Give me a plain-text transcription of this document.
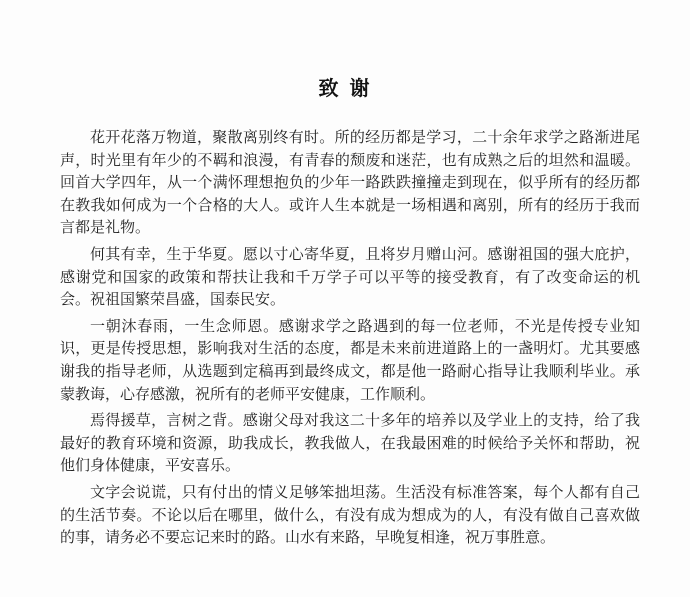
致 谢

花开花落万物道，聚散离别终有时。所的经历都是学习，二十余年求学之路渐进尾声，时光里有年少的不羁和浪漫，有青春的颓废和迷茫，也有成熟之后的坦然和温暖。回首大学四年，从一个满怀理想抱负的少年一路跌跌撞撞走到现在，似乎所有的经历都在教我如何成为一个合格的大人。或许人生本就是一场相遇和离别，所有的经历于我而言都是礼物。

何其有幸，生于华夏。愿以寸心寄华夏，且将岁月赠山河。感谢祖国的强大庇护，感谢党和国家的政策和帮扶让我和千万学子可以平等的接受教育，有了改变命运的机会。祝祖国繁荣昌盛，国泰民安。

一朝沐春雨，一生念师恩。感谢求学之路遇到的每一位老师，不光是传授专业知识，更是传授思想，影响我对生活的态度，都是未来前进道路上的一盏明灯。尤其要感谢我的指导老师，从选题到定稿再到最终成文，都是他一路耐心指导让我顺利毕业。承蒙教诲，心存感激，祝所有的老师平安健康，工作顺利。

焉得援草，言树之背。感谢父母对我这二十多年的培养以及学业上的支持，给了我最好的教育环境和资源，助我成长，教我做人，在我最困难的时候给予关怀和帮助，祝他们身体健康，平安喜乐。

文字会说谎，只有付出的情义足够笨拙坦荡。生活没有标准答案，每个人都有自己的生活节奏。不论以后在哪里，做什么，有没有成为想成为的人，有没有做自己喜欢做的事，请务必不要忘记来时的路。山水有来路，早晚复相逢，祝万事胜意。
